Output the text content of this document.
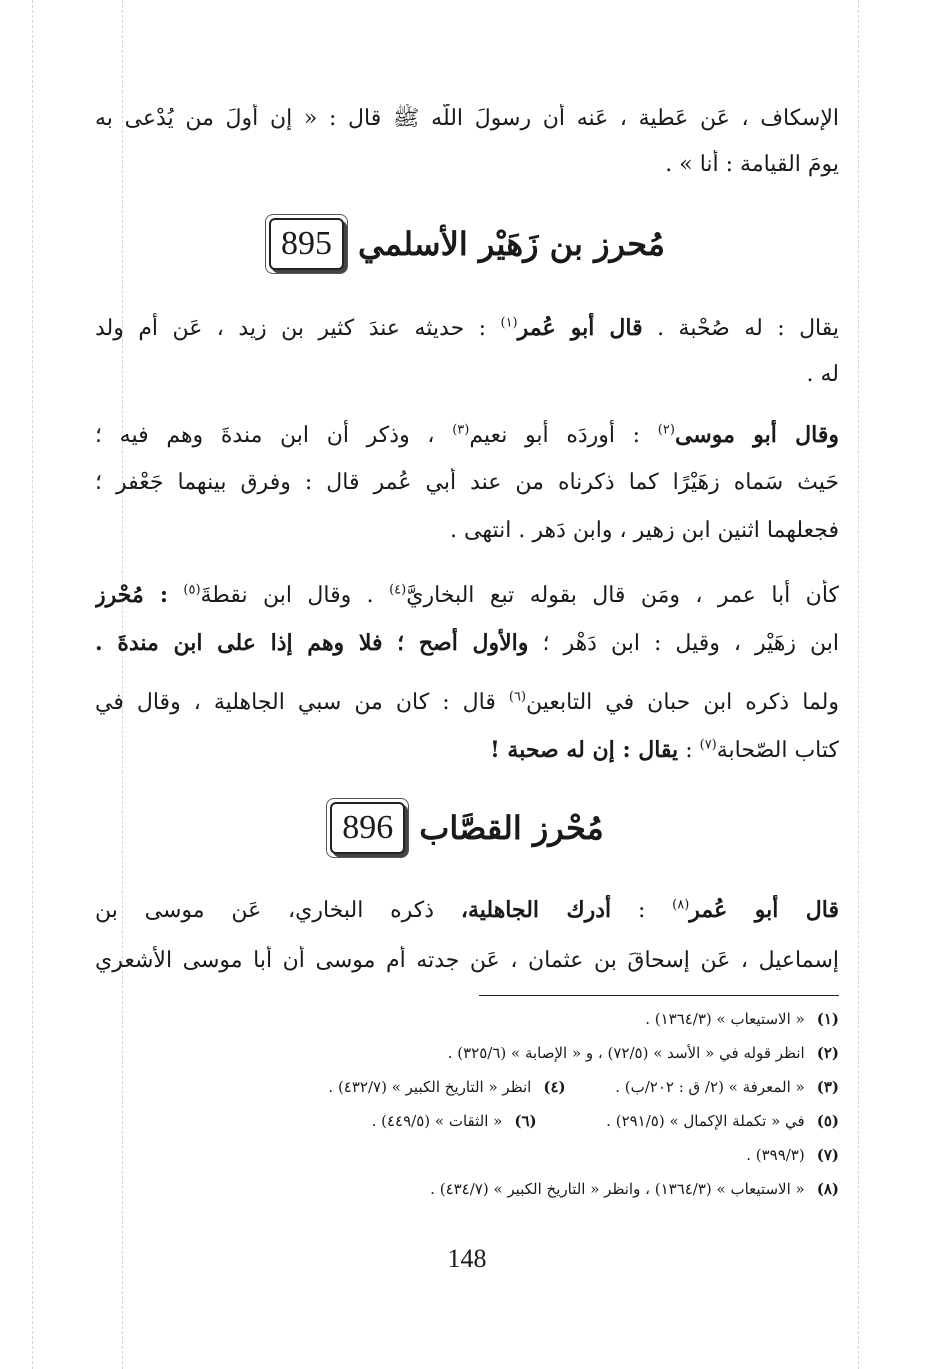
الإسكاف ، عَن عَطية ، عَنه أن رسولَ اللّه ﷺ قال : « إن أولَ من يُدْعى به
يومَ القيامة : أنا » .
مُحرز بن زَهَيْر الأسلمي
895
يقال : له صُحْبة . قال أبو عُمر$^{(١)}$ : حديثه عندَ كثير بن زيد ، عَن أم ولد
له .
وقال أبو موسى$^{(٢)}$ : أوردَه أبو نعيم$^{(٣)}$ ، وذكر أن ابن مندةَ وهم فيه ؛
حَيث سَماه زهَيْرًا كما ذكرناه من عند أبي عُمر قال : وفرق بينهما جَعْفر ؛
فجعلهما اثنين ابن زهير ، وابن دَهر . انتهى .
كأن أبا عمر ، ومَن قال بقوله تبع البخاريَّ$^{(٤)}$ . وقال ابن نقطةَ$^{(٥)}$ : مُحْرز
ابن زهَيْر ، وقيل : ابن دَهْر ؛ والأول أصح ؛ فلا وهم إذا على ابن مندةَ .
ولما ذكره ابن حبان في التابعين$^{(٦)}$ قال : كان من سبي الجاهلية ، وقال في
كتاب الصّحابة$^{(٧)}$ : يقال : إن له صحبة !
مُحْرز القصَّاب
896
قال أبو عُمر$^{(٨)}$ : أدرك الجاهلية، ذكره البخاري، عَن موسى بن
إسماعيل ، عَن إسحاقَ بن عثمان ، عَن جدته أم موسى أن أبا موسى الأشعري
(١)« الاستيعاب » (١٣٦٤/٣) .
(٢)انظر قوله في « الأسد » (٧٢/٥) ، و « الإصابة » (٣٢٥/٦) .
(٣)« المعرفة » (٢/ ق : ٢٠٢/ب) .  (٤)انظر « التاريخ الكبير » (٤٣٢/٧) .
(٥)في « تكملة الإكمال » (٢٩١/٥) .  (٦)« الثقات » (٤٤٩/٥) .
(٧)(٣٩٩/٣) .
(٨)« الاستيعاب » (١٣٦٤/٣) ، وانظر « التاريخ الكبير » (٤٣٤/٧) .
148
